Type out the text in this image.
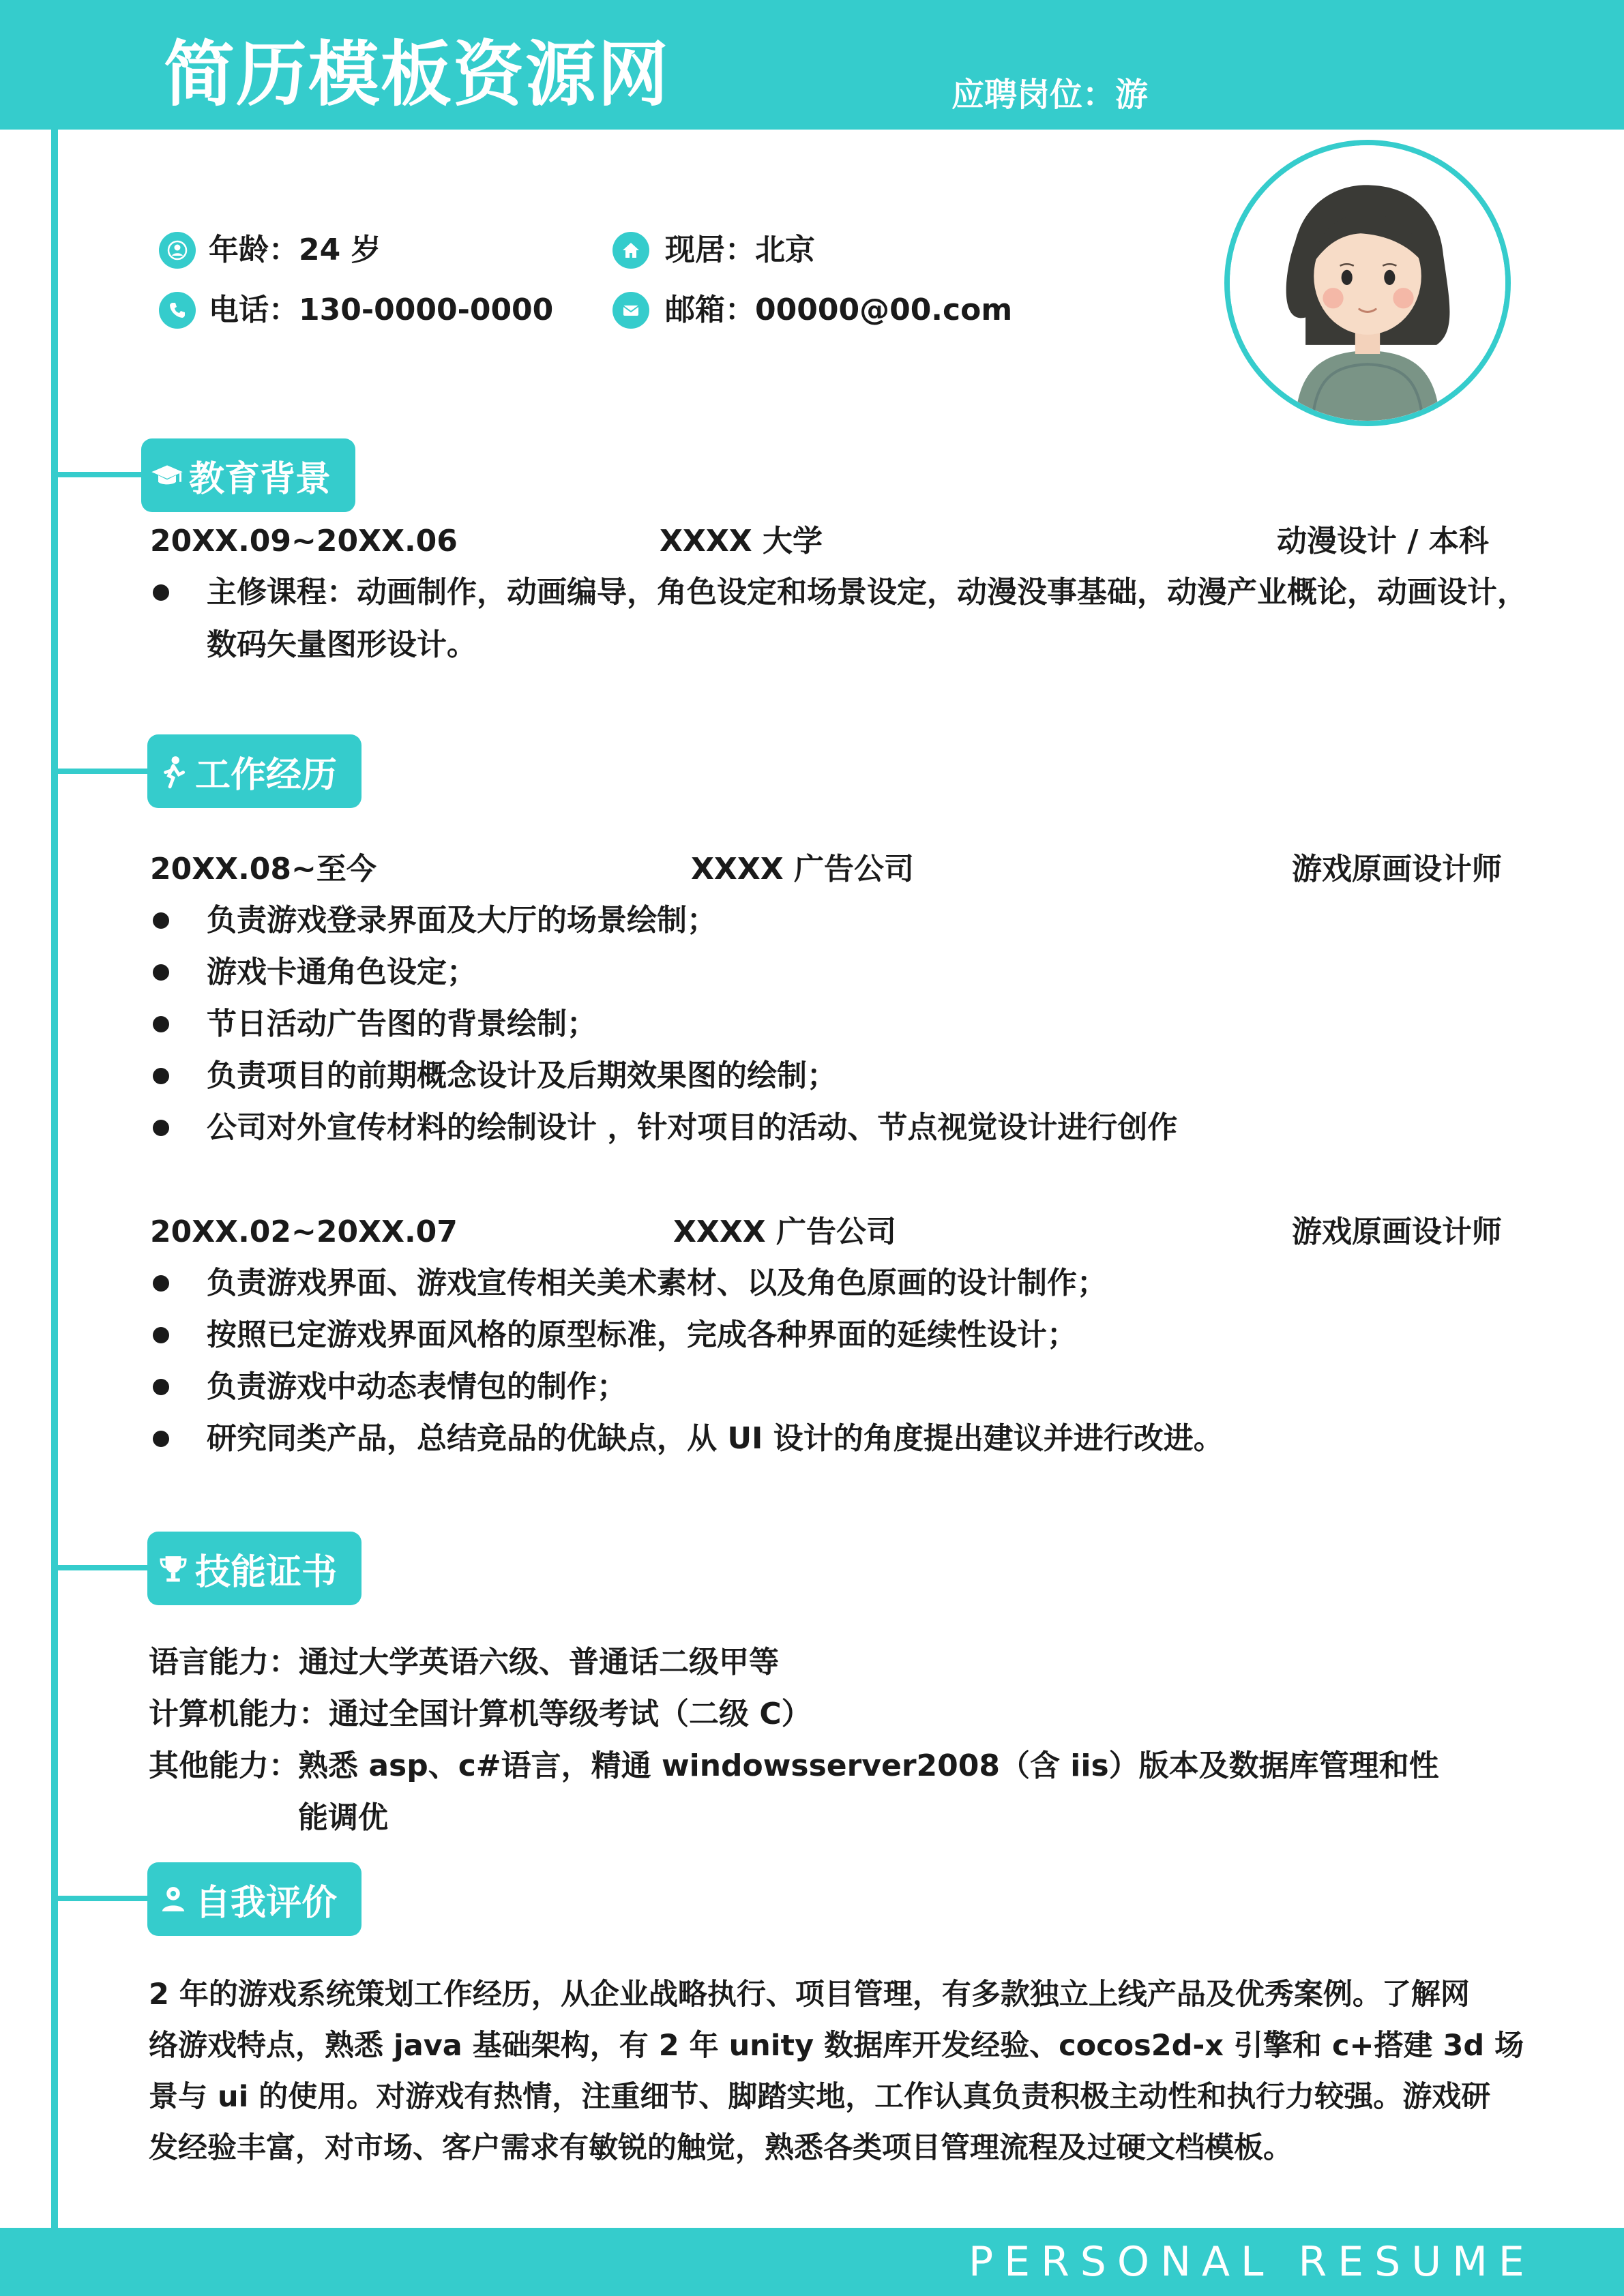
简历模板资源网	应聘岗位：游
年龄：24 岁	现居：北京
电话：130-0000-0000	邮箱：00000@00.com
教育背景
20XX.09~20XX.06	XXXX 大学	动漫设计 / 本科
主修课程：动画制作，动画编导，角色设定和场景设定，动漫没事基础，动漫产业概论，动画设计，
数码矢量图形设计。
工作经历
20XX.08~至今	XXXX 广告公司	游戏原画设计师
负责游戏登录界面及大厅的场景绘制；
游戏卡通角色设定；
节日活动广告图的背景绘制；
负责项目的前期概念设计及后期效果图的绘制；
公司对外宣传材料的绘制设计 ，针对项目的活动、节点视觉设计进行创作
20XX.02~20XX.07	XXXX 广告公司	游戏原画设计师
负责游戏界面、游戏宣传相关美术素材、以及角色原画的设计制作；
按照已定游戏界面风格的原型标准，完成各种界面的延续性设计；
负责游戏中动态表情包的制作；
研究同类产品，总结竞品的优缺点，从 UI 设计的角度提出建议并进行改进。
技能证书
语言能力：通过大学英语六级、普通话二级甲等
计算机能力：通过全国计算机等级考试（二级 C）
其他能力： 熟悉 asp、c#语言，精通 windowsserver2008（含 iis）版本及数据库管理和性
能调优
自我评价
2 年的游戏系统策划工作经历，从企业战略执行、项目管理，有多款独立上线产品及优秀案例。了解网
络游戏特点，熟悉 java 基础架构，有 2 年 unity 数据库开发经验、cocos2d-x 引擎和 c+搭建 3d 场
景与 ui 的使用。对游戏有热情，注重细节、脚踏实地，工作认真负责积极主动性和执行力较强。游戏研
发经验丰富，对市场、客户需求有敏锐的触觉，熟悉各类项目管理流程及过硬文档模板。
PERSONAL RESUME
